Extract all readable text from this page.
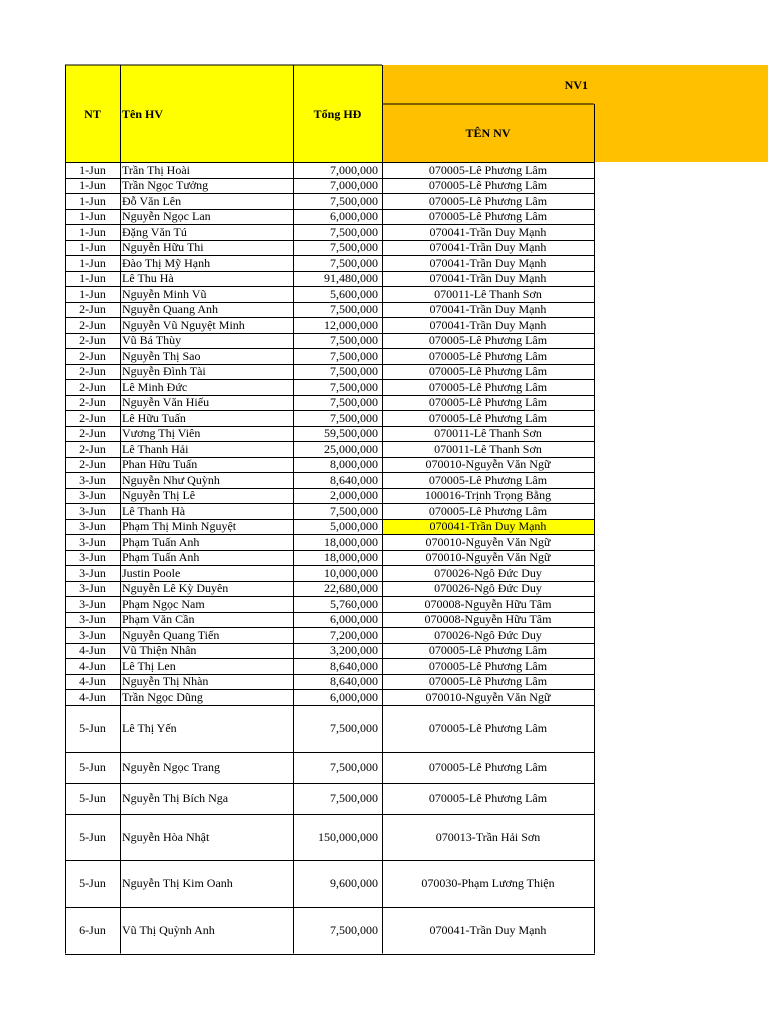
NT	Tên HV	Tổng HĐ
NV1
TÊN NV
1-Jun	Trần Thị Hoài	7,000,000	070005-Lê Phương Lâm
1-Jun	Trần Ngọc Tưởng	7,000,000	070005-Lê Phương Lâm
1-Jun	Đỗ Văn Lên	7,500,000	070005-Lê Phương Lâm
1-Jun	Nguyễn Ngọc Lan	6,000,000	070005-Lê Phương Lâm
1-Jun	Đặng Văn Tú	7,500,000	070041-Trần Duy Mạnh
1-Jun	Nguyễn Hữu Thi	7,500,000	070041-Trần Duy Mạnh
1-Jun	Đào Thị Mỹ Hạnh	7,500,000	070041-Trần Duy Mạnh
1-Jun	Lê Thu Hà	91,480,000	070041-Trần Duy Mạnh
1-Jun	Nguyễn Minh Vũ	5,600,000	070011-Lê Thanh Sơn
2-Jun	Nguyễn Quang Anh	7,500,000	070041-Trần Duy Mạnh
2-Jun	Nguyễn Vũ Nguyệt Minh	12,000,000	070041-Trần Duy Mạnh
2-Jun	Vũ Bá Thùy	7,500,000	070005-Lê Phương Lâm
2-Jun	Nguyễn Thị Sao	7,500,000	070005-Lê Phương Lâm
2-Jun	Nguyễn Đình Tài	7,500,000	070005-Lê Phương Lâm
2-Jun	Lê Minh Đức	7,500,000	070005-Lê Phương Lâm
2-Jun	Nguyễn Văn Hiếu	7,500,000	070005-Lê Phương Lâm
2-Jun	Lê Hữu Tuấn	7,500,000	070005-Lê Phương Lâm
2-Jun	Vương Thị Viên	59,500,000	070011-Lê Thanh Sơn
2-Jun	Lê Thanh Hải	25,000,000	070011-Lê Thanh Sơn
2-Jun	Phan Hữu Tuấn	8,000,000	070010-Nguyễn Văn Ngữ
3-Jun	Nguyễn Như Quỳnh	8,640,000	070005-Lê Phương Lâm
3-Jun	Nguyễn Thị Lê	2,000,000	100016-Trịnh Trọng Bằng
3-Jun	Lê Thanh Hà	7,500,000	070005-Lê Phương Lâm
3-Jun	Phạm Thị Minh Nguyệt	5,000,000	070041-Trần Duy Mạnh
3-Jun	Phạm Tuấn Anh	18,000,000	070010-Nguyễn Văn Ngữ
3-Jun	Phạm Tuấn Anh	18,000,000	070010-Nguyễn Văn Ngữ
3-Jun	Justin Poole	10,000,000	070026-Ngô Đức Duy
3-Jun	Nguyễn Lê Kỳ Duyên	22,680,000	070026-Ngô Đức Duy
3-Jun	Phạm Ngọc Nam	5,760,000	070008-Nguyễn Hữu Tâm
3-Jun	Phạm Văn Cần	6,000,000	070008-Nguyễn Hữu Tâm
3-Jun	Nguyễn Quang Tiến	7,200,000	070026-Ngô Đức Duy
4-Jun	Vũ Thiện Nhân	3,200,000	070005-Lê Phương Lâm
4-Jun	Lê Thị Len	8,640,000	070005-Lê Phương Lâm
4-Jun	Nguyễn Thị Nhàn	8,640,000	070005-Lê Phương Lâm
4-Jun	Trần Ngọc Dũng	6,000,000	070010-Nguyễn Văn Ngữ
5-Jun	Lê Thị Yến	7,500,000	070005-Lê Phương Lâm
5-Jun	Nguyễn Ngọc Trang	7,500,000	070005-Lê Phương Lâm
5-Jun	Nguyễn Thị Bích Nga	7,500,000	070005-Lê Phương Lâm
5-Jun	Nguyễn Hòa Nhật	150,000,000	070013-Trần Hải Sơn
5-Jun	Nguyễn Thị Kim Oanh	9,600,000	070030-Phạm Lương Thiện
6-Jun	Vũ Thị Quỳnh Anh	7,500,000	070041-Trần Duy Mạnh
